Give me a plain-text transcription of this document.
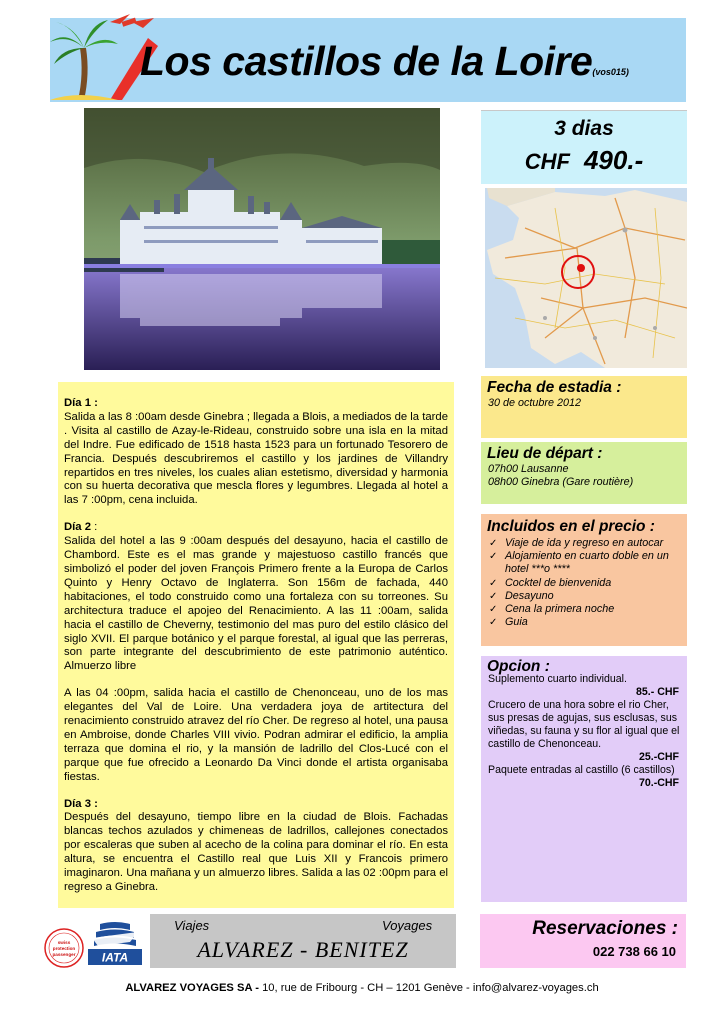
Los castillos de la Loire(vos015)
3 dias
CHF 490.-
Día 1 :
Salida a las 8 :00am desde Ginebra ; llegada a Blois, a mediados de la tarde . Visita al castillo de Azay-le-Rideau, construido sobre una isla en la mitad del Indre. Fue edificado de 1518 hasta 1523 para un fortunado Tesorero de Francia. Después descubriremos el castillo y los jardines de Villandry repartidos en tres niveles, los cuales alian estetismo, diversidad y harmonia con su huerta decorativa que mescla flores y legumbres. Llegada al hotel a las 7 :00pm, cena incluida.
Día 2 :
Salida del hotel a las 9 :00am después del desayuno, hacia el castillo de Chambord. Este es el mas grande y majestuoso castillo francés que simbolizó el poder del joven François Primero frente a la Europa de Carlos Quinto y Henry Octavo de Inglaterra. Son 156m de fachada, 440 habitaciones, el todo construido como una fortaleza con su torreones. Su architectura traduce el apojeo del Renacimiento. A las 11 :00am, salida hacia el castillo de Cheverny, testimonio del mas puro del estilo clásico del siglo XVII. El parque botánico y el parque forestal, al igual que las perreras, son parte integrante del descubrimiento de este patrimonio auténtico. Almuerzo libre
A las 04 :00pm, salida hacia el castillo de Chenonceau, uno de los mas elegantes del Val de Loire. Una verdadera joya de artitectura del renacimiento construido atravez del río Cher. De regreso al hotel, una pausa en Ambroise, donde Charles VIII vivio. Podran admirar el edificio, la amplia terraza que domina el rio, y la mansión de ladrillo del Clos-Lucé con el parque que fue ofrecido a Leonardo Da Vinci donde el artista organisaba fiestas.
Día 3 :
Después del desayuno, tiempo libre en la ciudad de Blois. Fachadas blancas techos azulados y chimeneas de ladrillos, callejones conectados por escaleras que suben al acecho de la colina para dominar el río. En esta altura, se encuentra el Castillo real que Luis XII y Francois primero imaginaron. Una mañana y un almuerzo libres. Salida a las 02 :00pm para el regreso a Ginebra.
Fecha de estadia :
30 de octubre 2012
Lieu de départ :
07h00 Lausanne
08h00 Ginebra (Gare routière)
Incluidos en el precio :
✓ Viaje de ida y regreso en autocar
✓ Alojamiento en cuarto doble en un hotel ***o ****
✓ Cocktel de bienvenida
✓ Desayuno
✓ Cena la primera noche
✓ Guia
Opcion :
Suplemento cuarto individual.
85.- CHF
Crucero de una hora sobre el rio Cher, sus presas de agujas, sus esclusas, sus viñedas, su fauna y su flor al igual que el castillo de Chenonceau.
25.-CHF
Paquete entradas al castillo (6 castillos)
70.-CHF
swiss
protection
passenger IATA
Viajes	Voyages
ALVAREZ - BENITEZ
Reservaciones :
022 738 66 10
ALVAREZ VOYAGES SA - 10, rue de Fribourg - CH – 1201 Genève - info@alvarez-voyages.ch
